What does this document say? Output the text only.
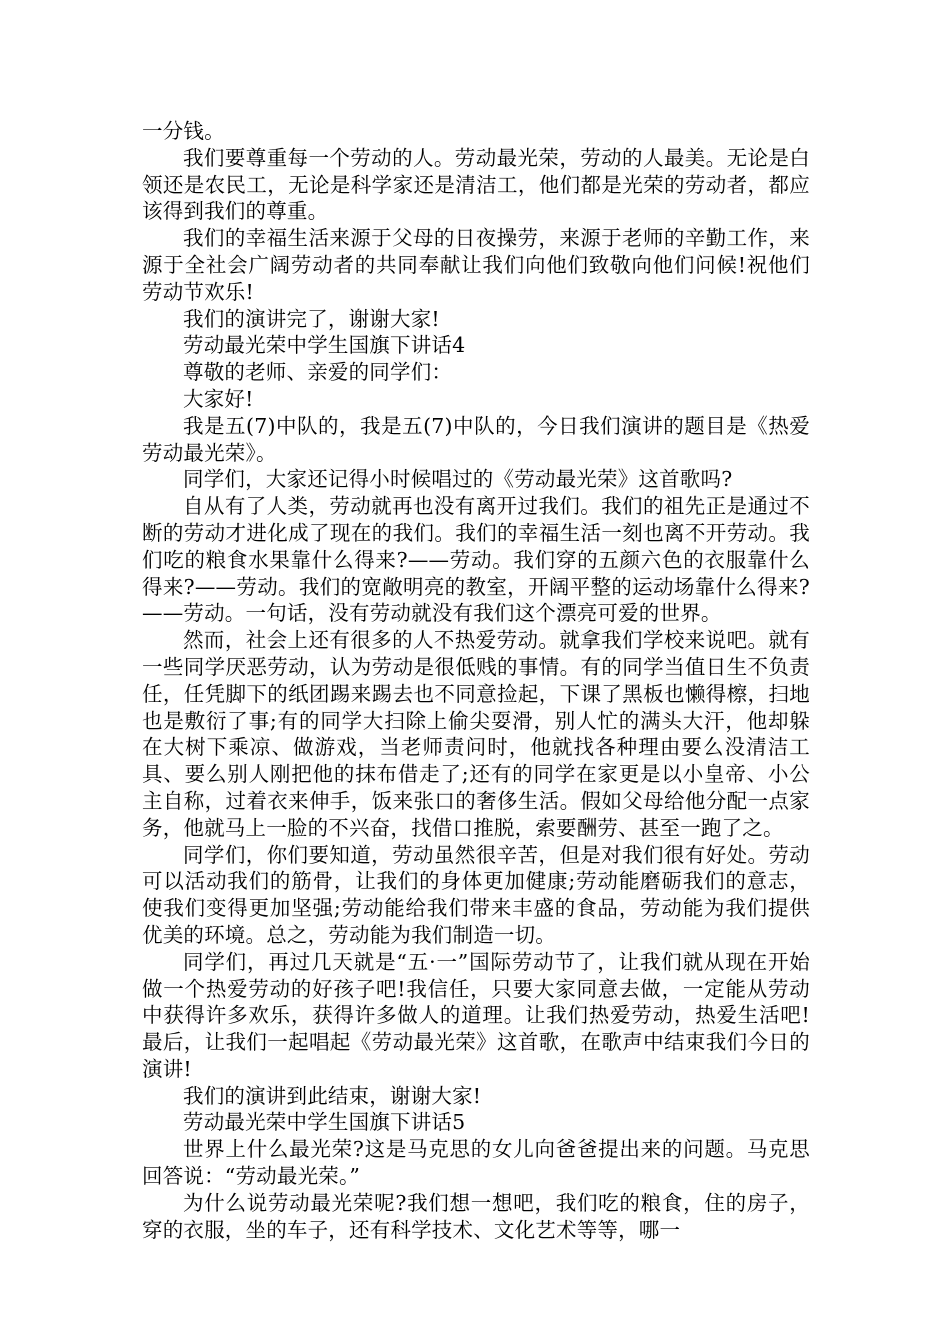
一分钱。

我们要尊重每一个劳动的人。劳动最光荣，劳动的人最美。无论是白领还是农民工，无论是科学家还是清洁工，他们都是光荣的劳动者，都应该得到我们的尊重。

我们的幸福生活来源于父母的日夜操劳，来源于老师的辛勤工作，来源于全社会广阔劳动者的共同奉献让我们向他们致敬向他们问候!祝他们劳动节欢乐!

我们的演讲完了，谢谢大家!

劳动最光荣中学生国旗下讲话4

尊敬的老师、亲爱的同学们：

大家好!

我是五(7)中队的，我是五(7)中队的，今日我们演讲的题目是《热爱劳动最光荣》。

同学们，大家还记得小时候唱过的《劳动最光荣》这首歌吗?

自从有了人类，劳动就再也没有离开过我们。我们的祖先正是通过不断的劳动才进化成了现在的我们。我们的幸福生活一刻也离不开劳动。我们吃的粮食水果靠什么得来?——劳动。我们穿的五颜六色的衣服靠什么得来?——劳动。我们的宽敞明亮的教室，开阔平整的运动场靠什么得来?——劳动。一句话，没有劳动就没有我们这个漂亮可爱的世界。

然而，社会上还有很多的人不热爱劳动。就拿我们学校来说吧。就有一些同学厌恶劳动，认为劳动是很低贱的事情。有的同学当值日生不负责任，任凭脚下的纸团踢来踢去也不同意捡起，下课了黑板也懒得檫，扫地也是敷衍了事;有的同学大扫除上偷尖耍滑，别人忙的满头大汗，他却躲在大树下乘凉、做游戏，当老师责问时，他就找各种理由要么没清洁工具、要么别人刚把他的抹布借走了;还有的同学在家更是以小皇帝、小公主自称，过着衣来伸手，饭来张口的奢侈生活。假如父母给他分配一点家务，他就马上一脸的不兴奋，找借口推脱，索要酬劳、甚至一跑了之。

同学们，你们要知道，劳动虽然很辛苦，但是对我们很有好处。劳动可以活动我们的筋骨，让我们的身体更加健康;劳动能磨砺我们的意志，使我们变得更加坚强;劳动能给我们带来丰盛的食品，劳动能为我们提供优美的环境。总之，劳动能为我们制造一切。

同学们，再过几天就是“五·一”国际劳动节了，让我们就从现在开始做一个热爱劳动的好孩子吧!我信任，只要大家同意去做，一定能从劳动中获得许多欢乐，获得许多做人的道理。让我们热爱劳动，热爱生活吧!最后，让我们一起唱起《劳动最光荣》这首歌，在歌声中结束我们今日的演讲!

我们的演讲到此结束，谢谢大家!

劳动最光荣中学生国旗下讲话5

世界上什么最光荣?这是马克思的女儿向爸爸提出来的问题。马克思回答说：“劳动最光荣。”

为什么说劳动最光荣呢?我们想一想吧，我们吃的粮食，住的房子，穿的衣服，坐的车子，还有科学技术、文化艺术等等，哪一
